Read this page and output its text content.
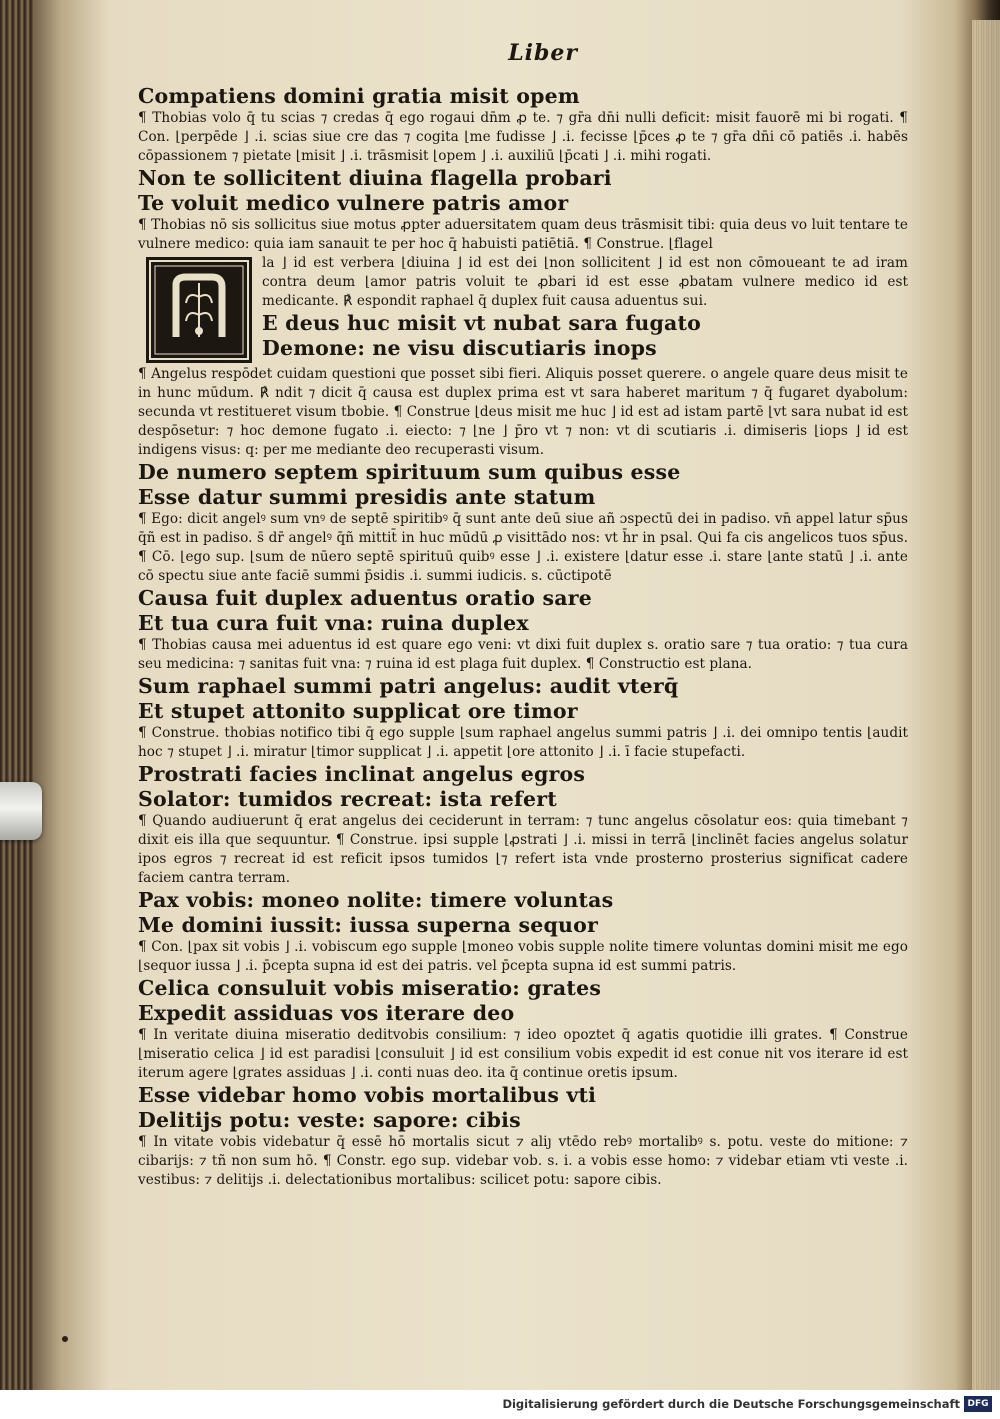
Liber
Compatiens domini gratia misit opem
¶ Thobias volo q̄ tu scias ⁊ credas q̄ ego rogaui dn̄m ꝓ te. ⁊ gr̄a dn̄i nulli deficit: misit fauorē mi bi rogati. ¶ Con. ⌊perpēde ⌋ .i. scias siue cre das ⁊ cogita ⌊me fudisse ⌋ .i. fecisse ⌊p̄ces ꝓ te ⁊ gr̄a dn̄i cō patiēs .i. habēs cōpassionem ⁊ pietate ⌊misit ⌋ .i. trāsmisit ⌊opem ⌋ .i. auxiliū ⌊p̄cati ⌋ .i. mihi rogati.
Non te sollicitent diuina flagella probari
Te voluit medico vulnere patris amor
¶ Thobias nō sis sollicitus siue motus ꝓpter aduersitatem quam deus trāsmisit tibi: quia deus vo luit tentare te vulnere medico: quia iam sanauit te per hoc q̄ habuisti patiētiā. ¶ Construe. ⌊flagel
la ⌋ id est verbera ⌊diuina ⌋ id est dei ⌊non sollicitent ⌋ id est non cōmoueant te ad iram contra deum ⌊amor patris voluit te ꝓbari id est esse ꝓbatam vulnere medico id est medicante. ℟ espondit raphael q̄ duplex fuit causa aduentus sui.
E deus huc misit vt nubat sara fugato
Demone: ne visu discutiaris inops
¶ Angelus respōdet cuidam questioni que posset sibi fieri. Aliquis posset querere. o angele quare deus misit te in hunc mūdum. ℟ ndit ⁊ dicit q̄ causa est duplex prima est vt sara haberet maritum ⁊ q̄ fugaret dyabolum: secunda vt restitueret visum tbobie. ¶ Construe ⌊deus misit me huc ⌋ id est ad istam partē ⌊vt sara nubat id est despōsetur: ⁊ hoc demone fugato .i. eiecto: ⁊ ⌊ne ⌋ p̄ro vt ⁊ non: vt di scutiaris .i. dimiseris ⌊iops ⌋ id est indigens visus: q: per me mediante deo recuperasti visum.
De numero septem spirituum sum quibus esse
Esse datur summi presidis ante statum
¶ Ego: dicit angelꝰ sum vnꝰ de septē spiritibꝰ q̄ sunt ante deū siue añ ɔspectū dei in padiso. vn̄ appel latur sp̄us q̄ñ est in padiso. s̄ dr̄ angelꝰ q̄ñ mittit̄ in huc mūdū ꝓ visittādo nos: vt h̄r in psal. Qui fa cis angelicos tuos sp̄us. ¶ Cō. ⌊ego sup. ⌊sum de nūero septē spirituū quibꝰ esse ⌋ .i. existere ⌊datur esse .i. stare ⌊ante statū ⌋ .i. ante cō spectu siue ante faciē summi p̄sidis .i. summi iudicis. s. cūctipotē̄
Causa fuit duplex aduentus oratio sare
Et tua cura fuit vna: ruina duplex
¶ Thobias causa mei aduentus id est quare ego veni: vt dixi fuit duplex s. oratio sare ⁊ tua oratio: ⁊ tua cura seu medicina: ⁊ sanitas fuit vna: ⁊ ruina id est plaga fuit duplex. ¶ Constructio est plana.
Sum raphael summi patri angelus: audit vterq̄
Et stupet attonito supplicat ore timor
¶ Construe. thobias notifico tibi q̄ ego supple ⌊sum raphael angelus summi patris ⌋ .i. dei omnipo tentis ⌊audit hoc ⁊ stupet ⌋ .i. miratur ⌊timor supplicat ⌋ .i. appetit ⌊ore attonito ⌋ .i. ī facie stupefacti.
Prostrati facies inclinat angelus egros
Solator: tumidos recreat: ista refert
¶ Quando audiuerunt q̄ erat angelus dei ceciderunt in terram: ⁊ tunc angelus cōsolatur eos: quia timebant ⁊ dixit eis illa que sequuntur. ¶ Construe. ipsi supple ⌊ꝓstrati ⌋ .i. missi in terrā ⌊inclinēt facies angelus solatur ipos egros ⁊ recreat id est reficit ipsos tumidos ⌊⁊ refert ista vnde prosterno prosterius significat cadere faciem cantra terram.
Pax vobis: moneo nolite: timere voluntas
Me domini iussit: iussa superna sequor
¶ Con. ⌊pax sit vobis ⌋ .i. vobiscum ego supple ⌊moneo vobis supple nolite timere voluntas domini misit me ego ⌊sequor iussa ⌋ .i. p̄cepta supna id est dei patris. vel p̄cepta supna id est summi patris.
Celica consuluit vobis miseratio: grates
Expedit assiduas vos iterare deo
¶ In veritate diuina miseratio deditvobis consilium: ⁊ ideo opoztet q̄ agatis quotidie illi grates. ¶ Construe ⌊miseratio celica ⌋ id est paradisi ⌊consuluit ⌋ id est consilium vobis expedit id est conue nit vos iterare id est iterum agere ⌊grates assiduas ⌋ .i. conti nuas deo. ita q̄ continue oretis ipsum.
Esse videbar homo vobis mortalibus vti
Delitijs potu: veste: sapore: cibis
¶ In vitate vobis videbatur q̄ essē hō mortalis sicut ⁊ aliȷ vtēdo rebꝰ mortalibꝰ s. potu. veste do mitione: ⁊ cibarijs: ⁊ tñ non sum hō. ¶ Constr. ego sup. videbar vob. s. i. a vobis esse homo: ⁊ videbar etiam vti veste .i. vestibus: ⁊ delitijs .i. delectationibus mortalibus: scilicet potu: sapore cibis.
Digitalisierung gefördert durch die Deutsche Forschungsgemeinschaft DFG
